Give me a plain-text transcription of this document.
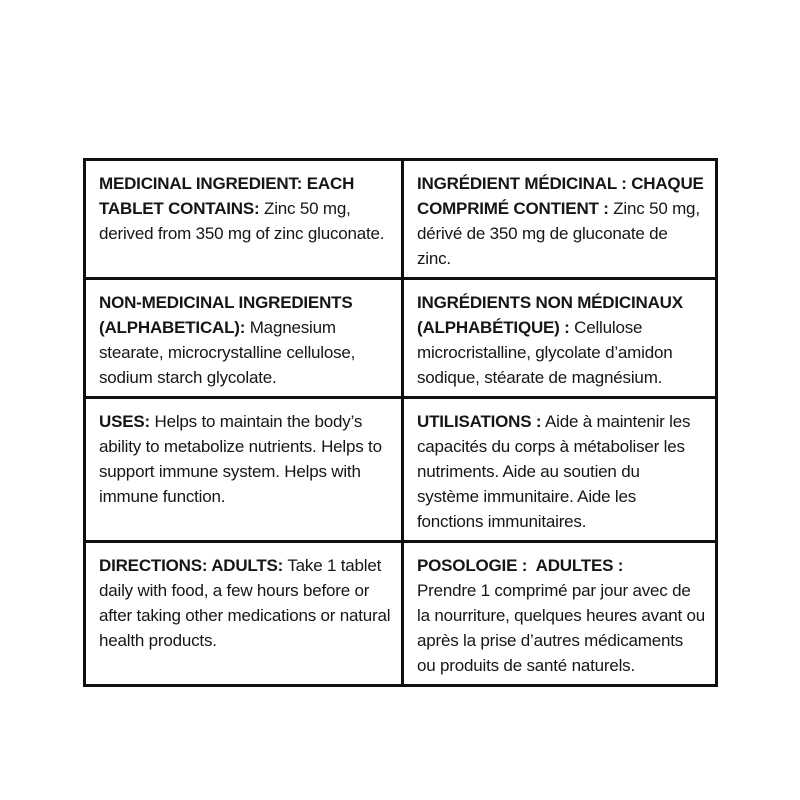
MEDICINAL INGREDIENT: EACH TABLET CONTAINS: Zinc 50 mg, derived from 350 mg of zinc gluconate.
INGRÉDIENT MÉDICINAL : CHAQUE COMPRIMÉ CONTIENT : Zinc 50 mg, dérivé de 350 mg de gluconate de zinc.
NON-MEDICINAL INGREDIENTS (ALPHABETICAL): Magnesium stearate, microcrystalline cellulose, sodium starch glycolate.
INGRÉDIENTS NON MÉDICINAUX (ALPHABÉTIQUE) : Cellulose microcristalline, glycolate d’amidon sodique, stéarate de magnésium.
USES: Helps to maintain the body’s ability to metabolize nutrients. Helps to support immune system. Helps with immune function.
UTILISATIONS : Aide à maintenir les capacités du corps à métaboliser les nutriments. Aide au soutien du système immunitaire. Aide les fonctions immunitaires.
DIRECTIONS: ADULTS: Take 1 tablet daily with food, a few hours before or after taking other medications or natural health products.
POSOLOGIE :  ADULTES :
Prendre 1 comprimé par jour avec de la nourriture, quelques heures avant ou après la prise d’autres médicaments ou produits de santé naturels.
